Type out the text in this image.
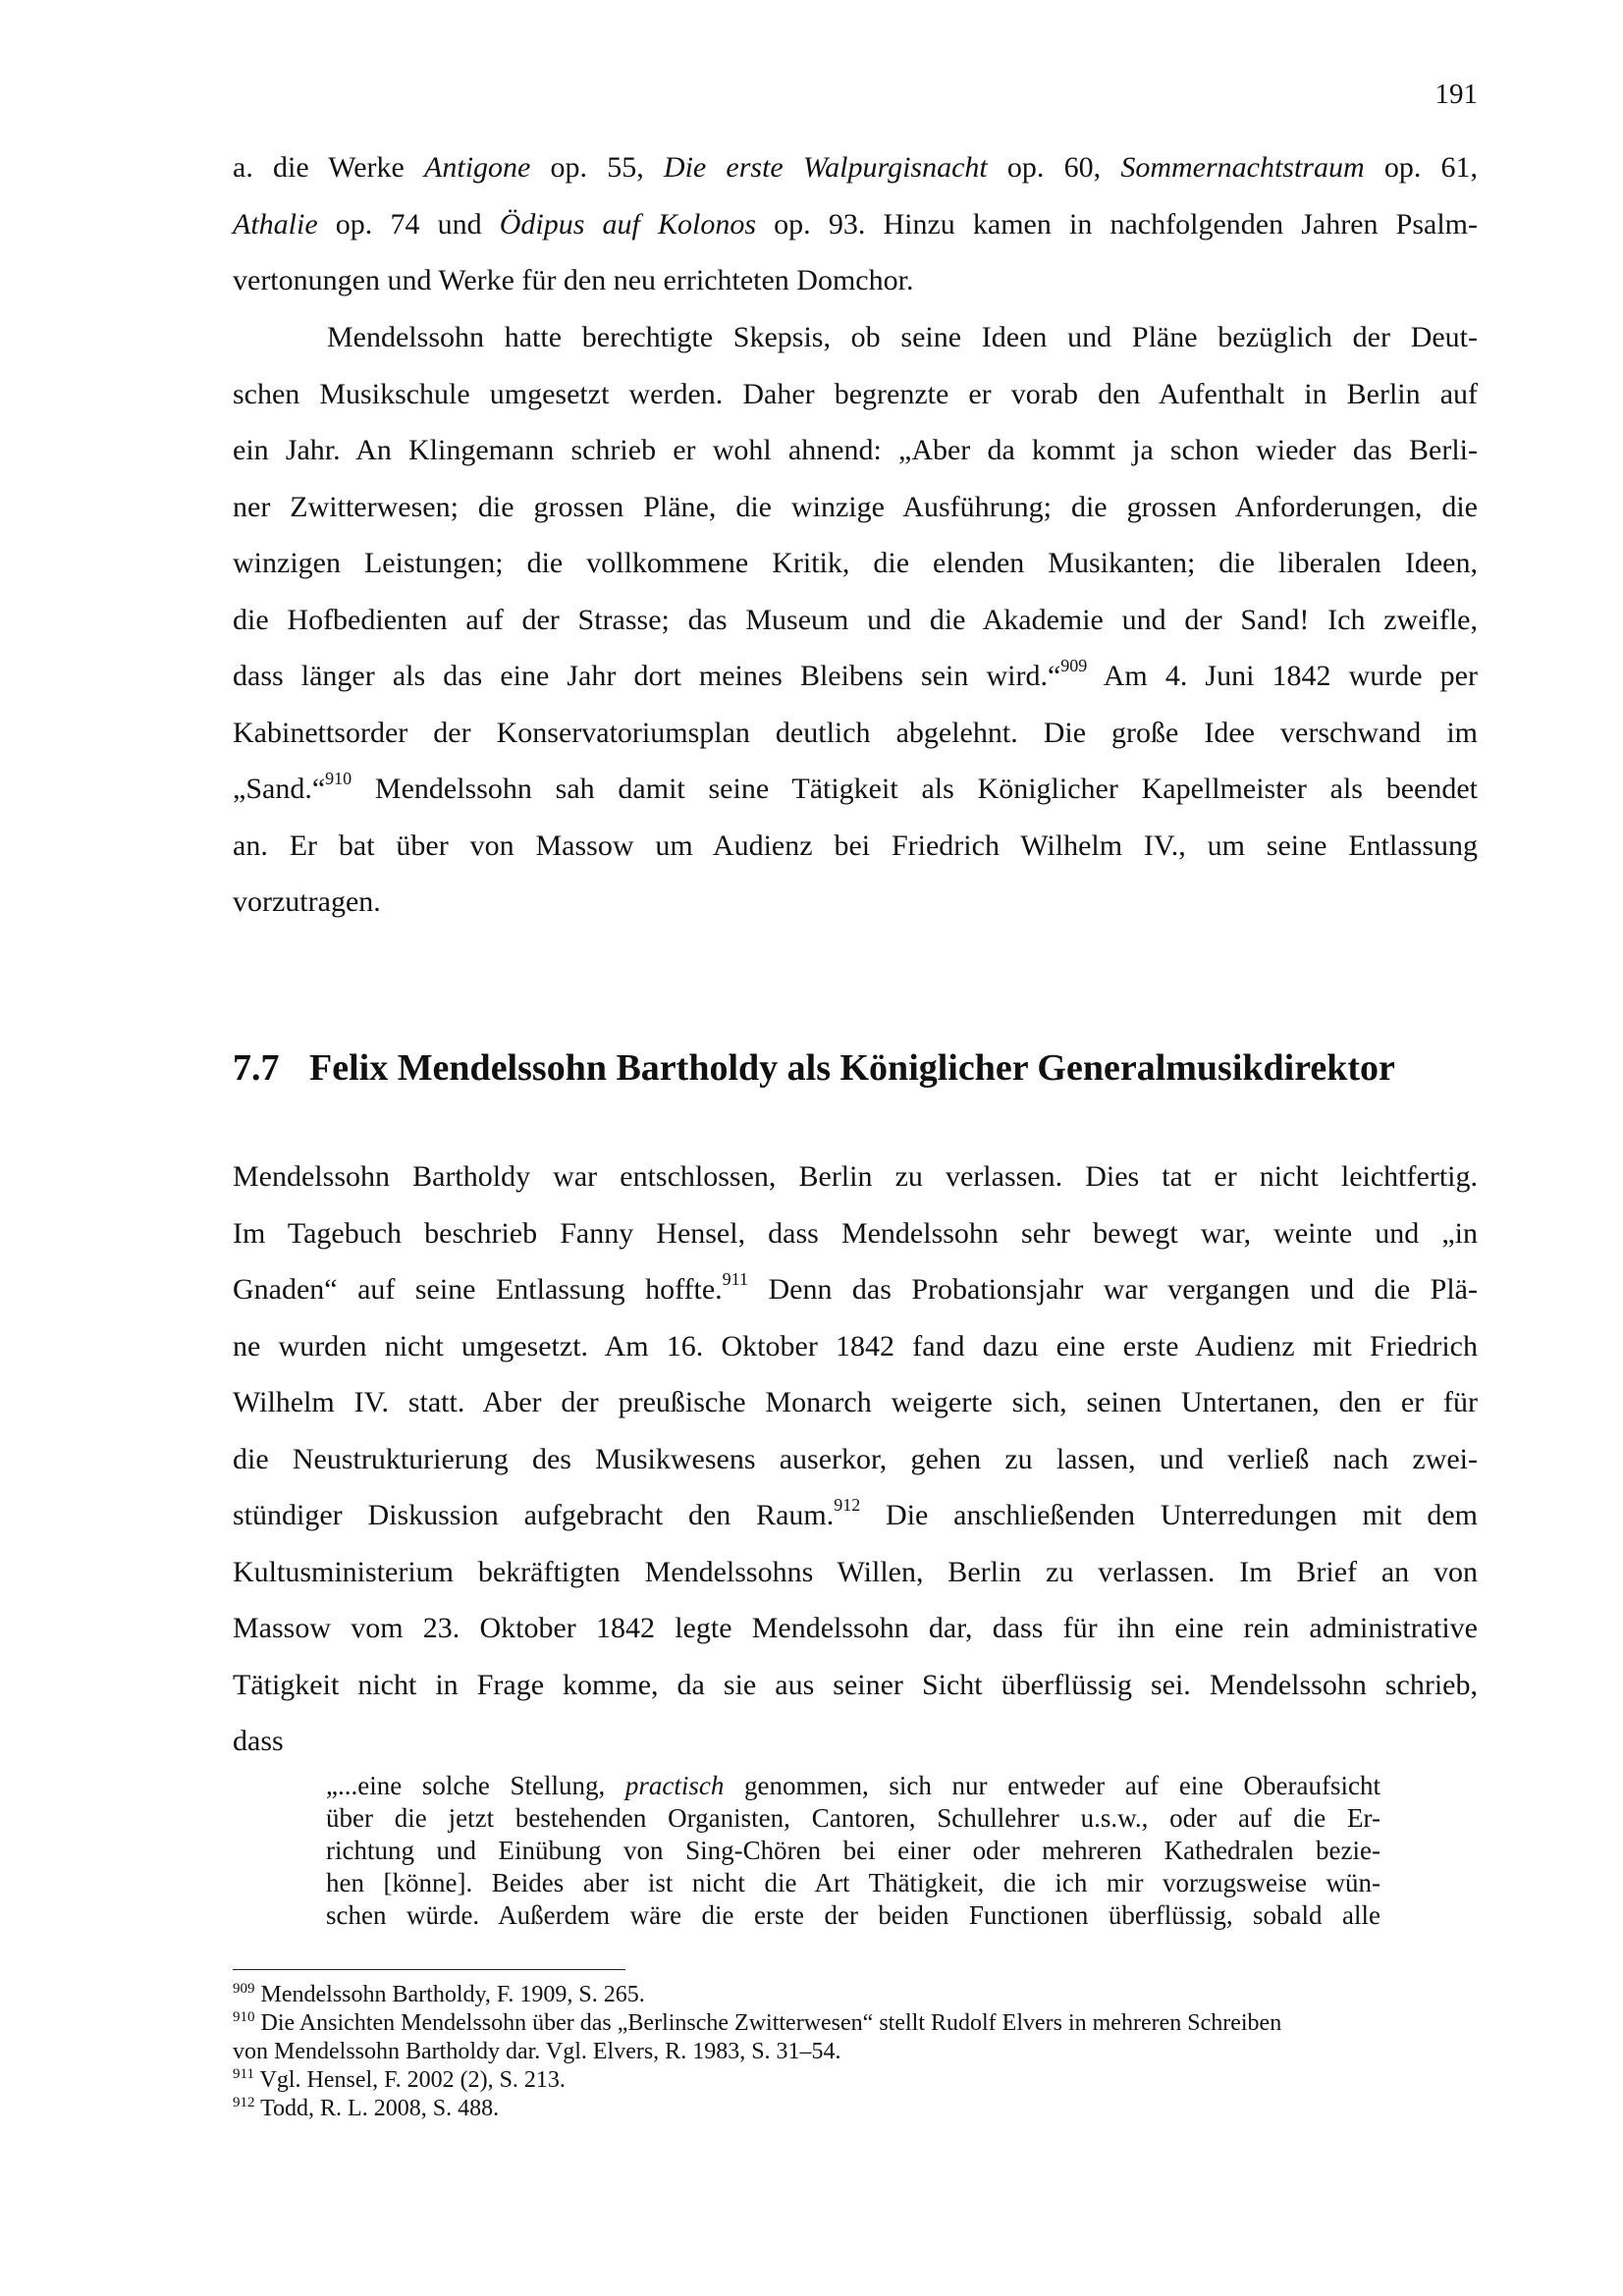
191
a. die Werke Antigone op. 55, Die erste Walpurgisnacht op. 60, Sommernachtstraum op. 61,
Athalie op. 74 und Ödipus auf Kolonos op. 93. Hinzu kamen in nachfolgenden Jahren Psalm-
vertonungen und Werke für den neu errichteten Domchor.
Mendelssohn hatte berechtigte Skepsis, ob seine Ideen und Pläne bezüglich der Deut-
schen Musikschule umgesetzt werden. Daher begrenzte er vorab den Aufenthalt in Berlin auf
ein Jahr. An Klingemann schrieb er wohl ahnend: „Aber da kommt ja schon wieder das Berli-
ner Zwitterwesen; die grossen Pläne, die winzige Ausführung; die grossen Anforderungen, die
winzigen Leistungen; die vollkommene Kritik, die elenden Musikanten; die liberalen Ideen,
die Hofbedienten auf der Strasse; das Museum und die Akademie und der Sand! Ich zweifle,
dass länger als das eine Jahr dort meines Bleibens sein wird.“$^{909}$ Am 4. Juni 1842 wurde per
Kabinettsorder der Konservatoriumsplan deutlich abgelehnt. Die große Idee verschwand im
„Sand.“$^{910}$ Mendelssohn sah damit seine Tätigkeit als Königlicher Kapellmeister als beendet
an. Er bat über von Massow um Audienz bei Friedrich Wilhelm IV., um seine Entlassung
vorzutragen.
7.7 Felix Mendelssohn Bartholdy als Königlicher Generalmusikdirektor
Mendelssohn Bartholdy war entschlossen, Berlin zu verlassen. Dies tat er nicht leichtfertig.
Im Tagebuch beschrieb Fanny Hensel, dass Mendelssohn sehr bewegt war, weinte und „in
Gnaden“ auf seine Entlassung hoffte.$^{911}$ Denn das Probationsjahr war vergangen und die Plä-
ne wurden nicht umgesetzt. Am 16. Oktober 1842 fand dazu eine erste Audienz mit Friedrich
Wilhelm IV. statt. Aber der preußische Monarch weigerte sich, seinen Untertanen, den er für
die Neustrukturierung des Musikwesens auserkor, gehen zu lassen, und verließ nach zwei-
stündiger Diskussion aufgebracht den Raum.$^{912}$ Die anschließenden Unterredungen mit dem
Kultusministerium bekräftigten Mendelssohns Willen, Berlin zu verlassen. Im Brief an von
Massow vom 23. Oktober 1842 legte Mendelssohn dar, dass für ihn eine rein administrative
Tätigkeit nicht in Frage komme, da sie aus seiner Sicht überflüssig sei. Mendelssohn schrieb,
dass
„...eine solche Stellung, practisch genommen, sich nur entweder auf eine Oberaufsicht
über die jetzt bestehenden Organisten, Cantoren, Schullehrer u.s.w., oder auf die Er-
richtung und Einübung von Sing-Chören bei einer oder mehreren Kathedralen bezie-
hen [könne]. Beides aber ist nicht die Art Thätigkeit, die ich mir vorzugsweise wün-
schen würde. Außerdem wäre die erste der beiden Functionen überflüssig, sobald alle
$^{909}$ Mendelssohn Bartholdy, F. 1909, S. 265.
$^{910}$ Die Ansichten Mendelssohn über das „Berlinsche Zwitterwesen“ stellt Rudolf Elvers in mehreren Schreiben
von Mendelssohn Bartholdy dar. Vgl. Elvers, R. 1983, S. 31–54.
$^{911}$ Vgl. Hensel, F. 2002 (2), S. 213.
$^{912}$ Todd, R. L. 2008, S. 488.
